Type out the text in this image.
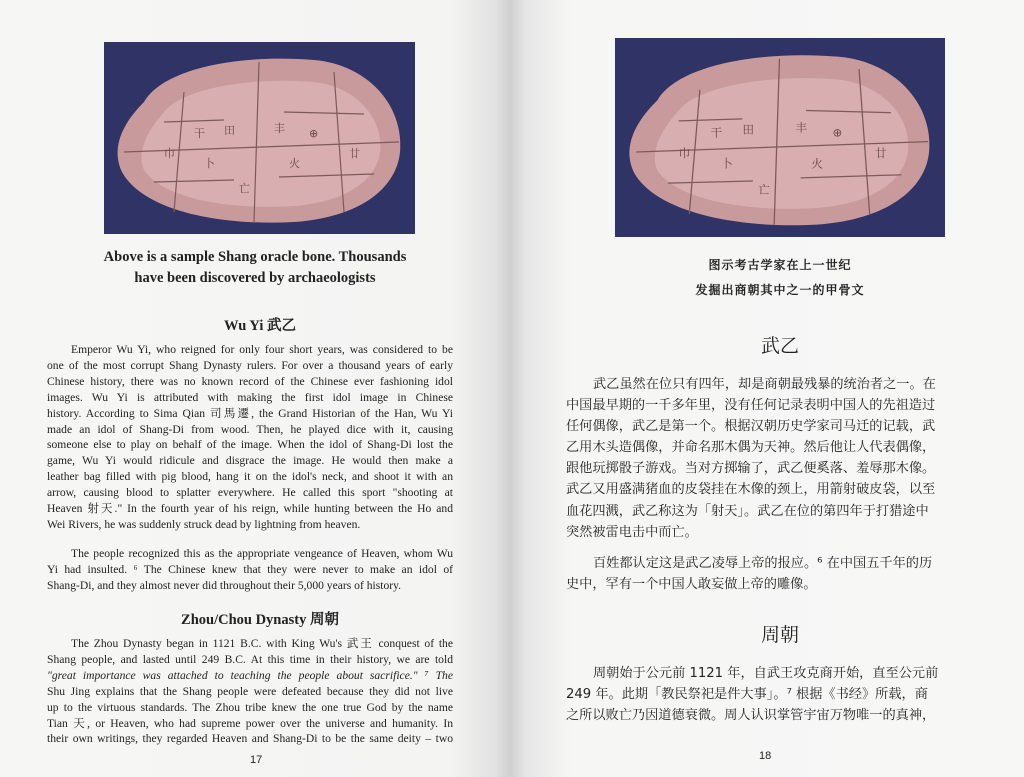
干 田	丰 ⊕
卜	火
巾	廿
亡
Above is a sample Shang oracle bone. Thousands
have been discovered by archaeologists
Wu Yi 武乙
Emperor Wu Yi, who reigned for only four short years, was considered to be
one of the most corrupt Shang Dynasty rulers. For over a thousand years of early
Chinese history, there was no known record of the Chinese ever fashioning idol
images. Wu Yi is attributed with making the first idol image in Chinese
history. According to Sima Qian 司馬遷, the Grand Historian of the Han, Wu Yi
made an idol of Shang-Di from wood. Then, he played dice with it, causing
someone else to play on behalf of the image. When the idol of Shang-Di lost the
game, Wu Yi would ridicule and disgrace the image. He would then make a
leather bag filled with pig blood, hang it on the idol's neck, and shoot it with an
arrow, causing blood to splatter everywhere. He called this sport "shooting at
Heaven 射天." In the fourth year of his reign, while hunting between the Ho and
Wei Rivers, he was suddenly struck dead by lightning from heaven.
The people recognized this as the appropriate vengeance of Heaven, whom Wu
Yi had insulted. ⁶ The Chinese knew that they were never to make an idol of
Shang-Di, and they almost never did throughout their 5,000 years of history.
Zhou/Chou Dynasty 周朝
The Zhou Dynasty began in 1121 B.C. with King Wu's 武王 conquest of the
Shang people, and lasted until 249 B.C. At this time in their history, we are told
"great importance was attached to teaching the people about sacrifice." ⁷ The
Shu Jing explains that the Shang people were defeated because they did not live
up to the virtuous standards. The Zhou tribe knew the one true God by the name
Tian 天, or Heaven, who had supreme power over the universe and humanity. In
their own writings, they regarded Heaven and Shang-Di to be the same deity – two
17
干 田	丰 ⊕
卜	火
巾	廿
亡
图示考古学家在上一世纪
发掘出商朝其中之一的甲骨文
武乙
武乙虽然在位只有四年，却是商朝最残暴的统治者之一。在
中国最早期的一千多年里，没有任何记录表明中国人的先祖造过
任何偶像，武乙是第一个。根据汉朝历史学家司马迁的记载，武
乙用木头造偶像，并命名那木偶为天神。然后他让人代表偶像，
跟他玩掷骰子游戏。当对方掷输了，武乙便奚落、羞辱那木像。
武乙又用盛满猪血的皮袋挂在木像的颈上，用箭射破皮袋，以至
血花四溅，武乙称这为「射天」。武乙在位的第四年于打猎途中
突然被雷电击中而亡。
百姓都认定这是武乙凌辱上帝的报应。⁶ 在中国五千年的历
史中，罕有一个中国人敢妄做上帝的雕像。
周朝
周朝始于公元前 1121 年，自武王攻克商开始，直至公元前
249 年。此期「教民祭祀是件大事」。⁷ 根据《书经》所载，商
之所以败亡乃因道德衰微。周人认识掌管宇宙万物唯一的真神，
18
